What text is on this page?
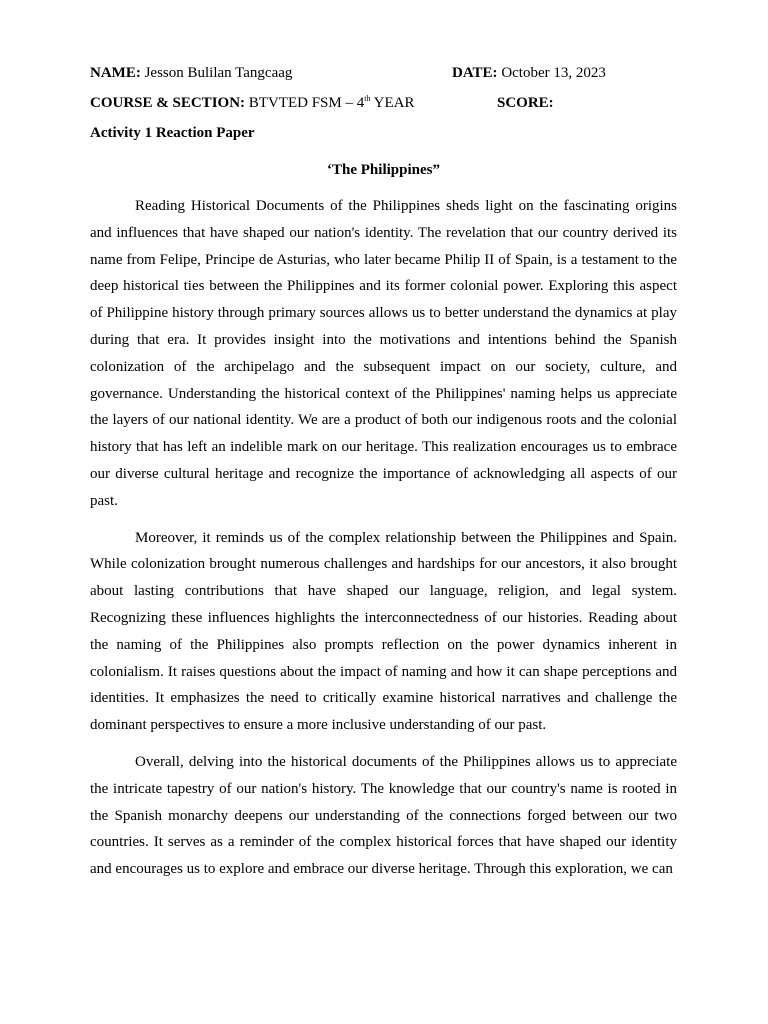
NAME: Jesson Bulilan Tangcaag	DATE: October 13, 2023
COURSE & SECTION: BTVTED FSM – 4th YEAR	SCORE:
Activity 1 Reaction Paper
‘The Philippines”

Reading Historical Documents of the Philippines sheds light on the fascinating origins and influences that have shaped our nation's identity. The revelation that our country derived its name from Felipe, Principe de Asturias, who later became Philip II of Spain, is a testament to the deep historical ties between the Philippines and its former colonial power. Exploring this aspect of Philippine history through primary sources allows us to better understand the dynamics at play during that era. It provides insight into the motivations and intentions behind the Spanish colonization of the archipelago and the subsequent impact on our society, culture, and governance. Understanding the historical context of the Philippines' naming helps us appreciate the layers of our national identity. We are a product of both our indigenous roots and the colonial history that has left an indelible mark on our heritage. This realization encourages us to embrace our diverse cultural heritage and recognize the importance of acknowledging all aspects of our past.

Moreover, it reminds us of the complex relationship between the Philippines and Spain. While colonization brought numerous challenges and hardships for our ancestors, it also brought about lasting contributions that have shaped our language, religion, and legal system. Recognizing these influences highlights the interconnectedness of our histories. Reading about the naming of the Philippines also prompts reflection on the power dynamics inherent in colonialism. It raises questions about the impact of naming and how it can shape perceptions and identities. It emphasizes the need to critically examine historical narratives and challenge the dominant perspectives to ensure a more inclusive understanding of our past.

Overall, delving into the historical documents of the Philippines allows us to appreciate the intricate tapestry of our nation's history. The knowledge that our country's name is rooted in the Spanish monarchy deepens our understanding of the connections forged between our two countries. It serves as a reminder of the complex historical forces that have shaped our identity and encourages us to explore and embrace our diverse heritage. Through this exploration, we can
